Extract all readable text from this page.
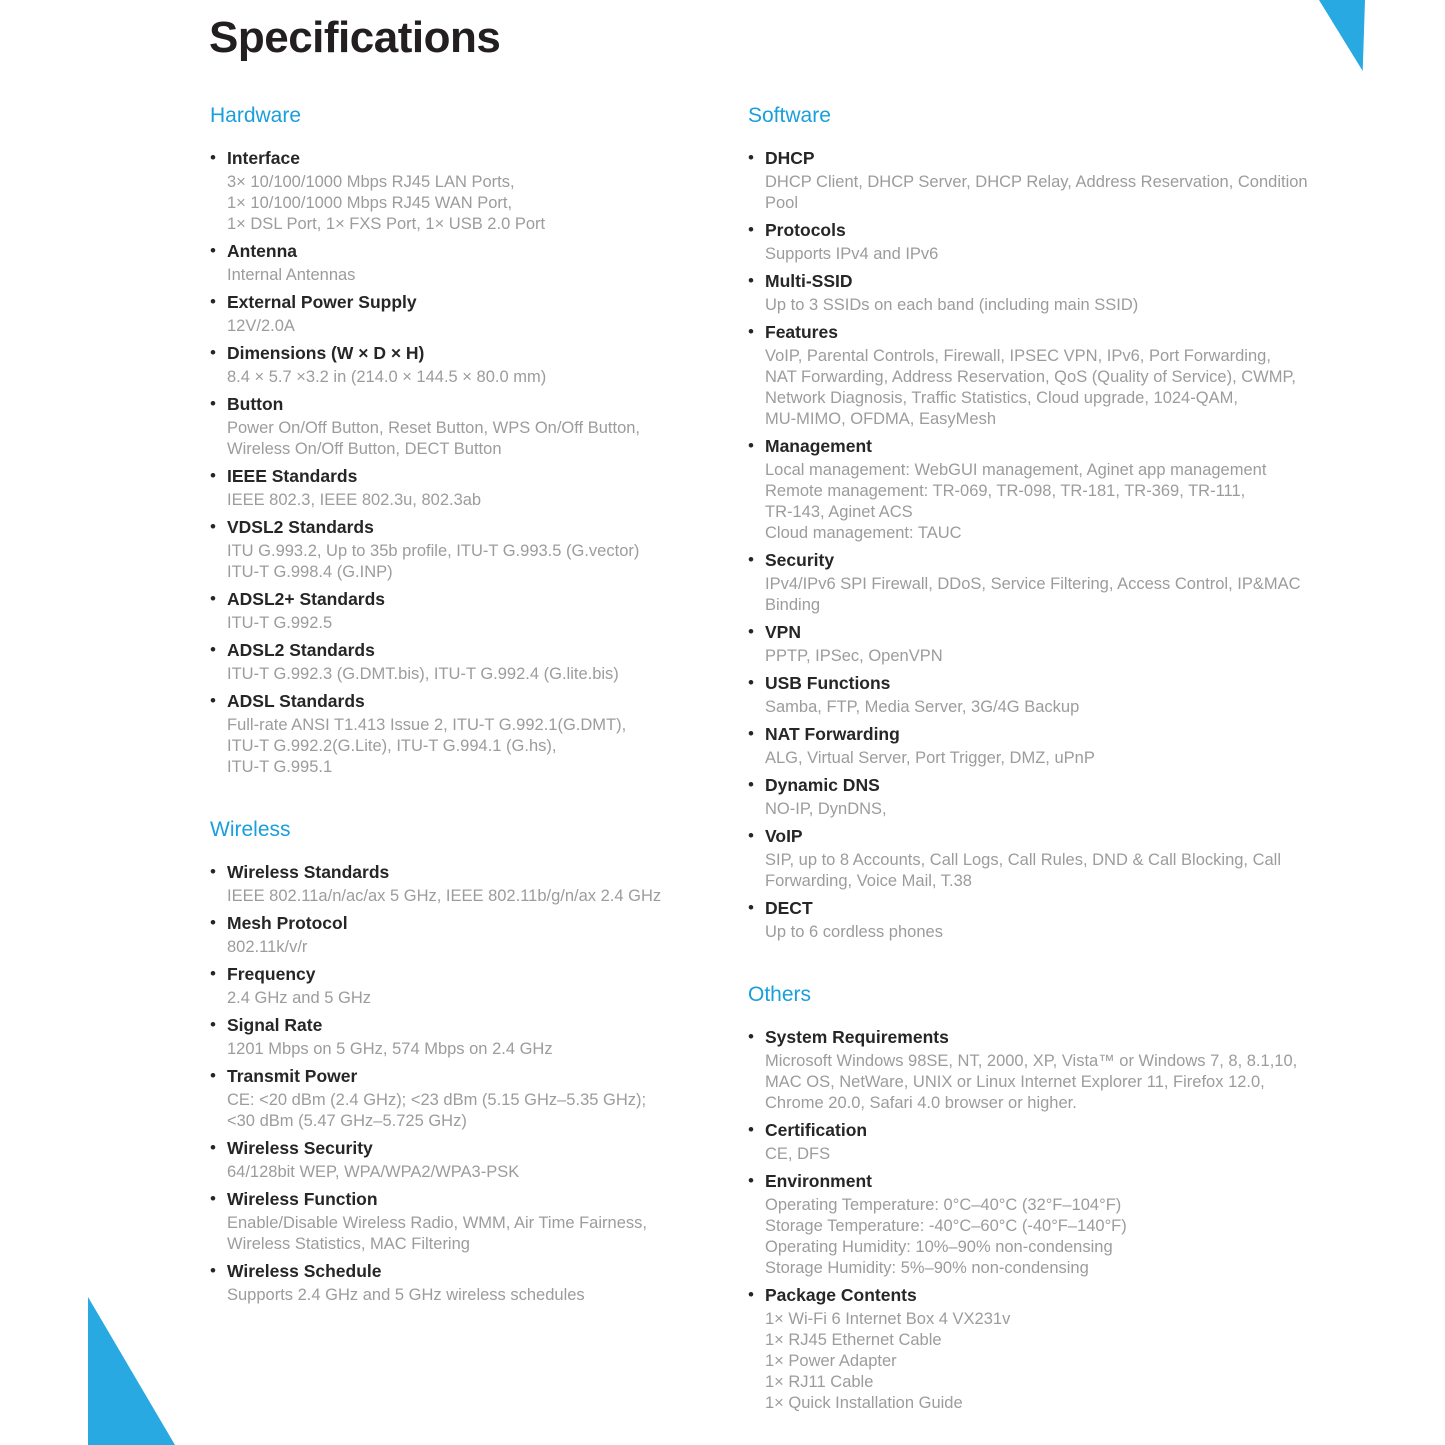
Specifications
Hardware
• Interface
3× 10/100/1000 Mbps RJ45 LAN Ports,
1× 10/100/1000 Mbps RJ45 WAN Port,
1× DSL Port, 1× FXS Port, 1× USB 2.0 Port
• Antenna
Internal Antennas
• External Power Supply
12V/2.0A
• Dimensions (W × D × H)
8.4 × 5.7 ×3.2 in (214.0 × 144.5 × 80.0 mm)
• Button
Power On/Off Button, Reset Button, WPS On/Off Button,
Wireless On/Off Button, DECT Button
• IEEE Standards
IEEE 802.3, IEEE 802.3u, 802.3ab
• VDSL2 Standards
ITU G.993.2, Up to 35b profile, ITU-T G.993.5 (G.vector)
ITU-T G.998.4 (G.INP)
• ADSL2+ Standards
ITU-T G.992.5
• ADSL2 Standards
ITU-T G.992.3 (G.DMT.bis), ITU-T G.992.4 (G.lite.bis)
• ADSL Standards
Full-rate ANSI T1.413 Issue 2, ITU-T G.992.1(G.DMT),
ITU-T G.992.2(G.Lite), ITU-T G.994.1 (G.hs),
ITU-T G.995.1
Wireless
• Wireless Standards
IEEE 802.11a/n/ac/ax 5 GHz, IEEE 802.11b/g/n/ax 2.4 GHz
• Mesh Protocol
802.11k/v/r
• Frequency
2.4 GHz and 5 GHz
• Signal Rate
1201 Mbps on 5 GHz, 574 Mbps on 2.4 GHz
• Transmit Power
CE: <20 dBm (2.4 GHz); <23 dBm (5.15 GHz–5.35 GHz);
<30 dBm (5.47 GHz–5.725 GHz)
• Wireless Security
64/128bit WEP, WPA/WPA2/WPA3-PSK
• Wireless Function
Enable/Disable Wireless Radio, WMM, Air Time Fairness,
Wireless Statistics, MAC Filtering
• Wireless Schedule
Supports 2.4 GHz and 5 GHz wireless schedules
Software
• DHCP
DHCP Client, DHCP Server, DHCP Relay, Address Reservation, Condition
Pool
• Protocols
Supports IPv4 and IPv6
• Multi-SSID
Up to 3 SSIDs on each band (including main SSID)
• Features
VoIP, Parental Controls, Firewall, IPSEC VPN, IPv6, Port Forwarding,
NAT Forwarding, Address Reservation, QoS (Quality of Service), CWMP,
Network Diagnosis, Traffic Statistics, Cloud upgrade, 1024-QAM,
MU-MIMO, OFDMA, EasyMesh
• Management
Local management: WebGUI management, Aginet app management
Remote management: TR-069, TR-098, TR-181, TR-369, TR-111,
TR-143, Aginet ACS
Cloud management: TAUC
• Security
IPv4/IPv6 SPI Firewall, DDoS, Service Filtering, Access Control, IP&MAC
Binding
• VPN
PPTP, IPSec, OpenVPN
• USB Functions
Samba, FTP, Media Server, 3G/4G Backup
• NAT Forwarding
ALG, Virtual Server, Port Trigger, DMZ, uPnP
• Dynamic DNS
NO-IP, DynDNS,
• VoIP
SIP, up to 8 Accounts, Call Logs, Call Rules, DND & Call Blocking, Call
Forwarding, Voice Mail, T.38
• DECT
Up to 6 cordless phones
Others
• System Requirements
Microsoft Windows 98SE, NT, 2000, XP, Vista™ or Windows 7, 8, 8.1,10,
MAC OS, NetWare, UNIX or Linux Internet Explorer 11, Firefox 12.0,
Chrome 20.0, Safari 4.0 browser or higher.
• Certification
CE, DFS
• Environment
Operating Temperature: 0°C–40°C (32°F–104°F)
Storage Temperature: -40°C–60°C (-40°F–140°F)
Operating Humidity: 10%–90% non-condensing
Storage Humidity: 5%–90% non-condensing
• Package Contents
1× Wi-Fi 6 Internet Box 4 VX231v
1× RJ45 Ethernet Cable
1× Power Adapter
1× RJ11 Cable
1× Quick Installation Guide
